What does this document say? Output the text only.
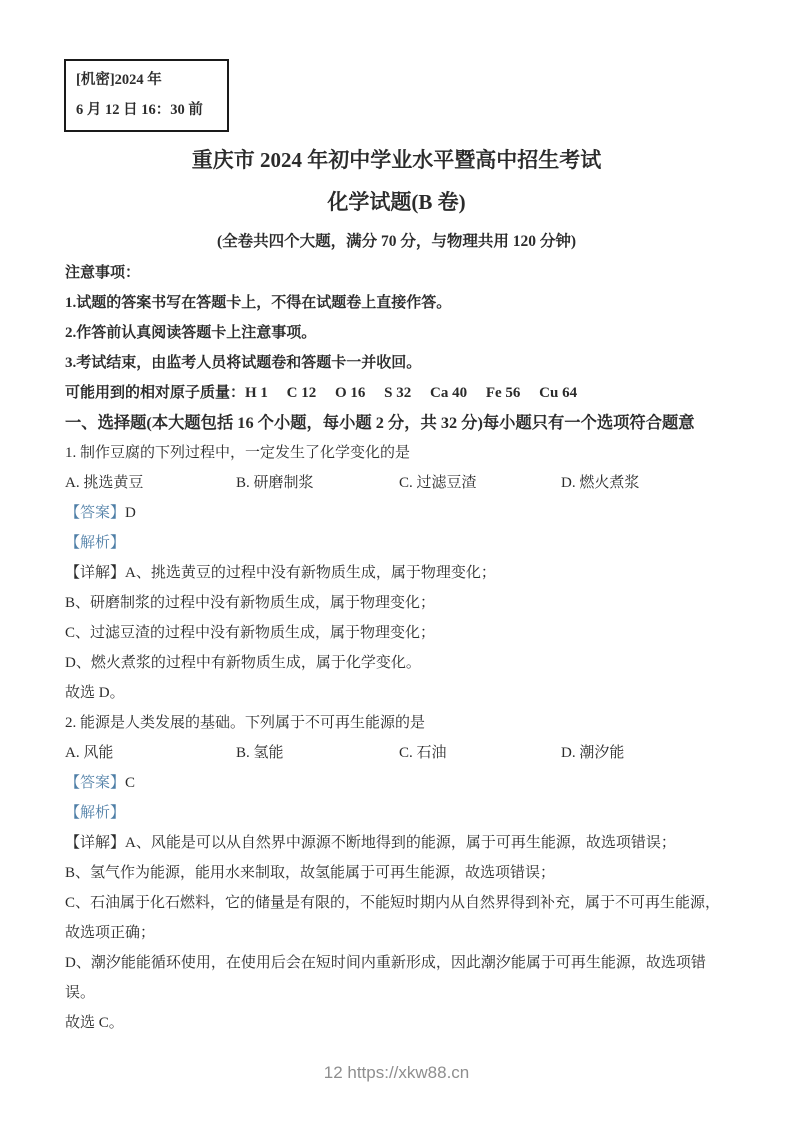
[机密]2024 年
6 月 12 日 16：30 前
重庆市 2024 年初中学业水平暨高中招生考试
化学试题(B 卷)
(全卷共四个大题，满分 70 分，与物理共用 120 分钟)
注意事项：
1.试题的答案书写在答题卡上，不得在试题卷上直接作答。
2.作答前认真阅读答题卡上注意事项。
3.考试结束，由监考人员将试题卷和答题卡一并收回。
可能用到的相对原子质量：H 1     C 12     O 16     S 32     Ca 40     Fe 56     Cu 64
一、选择题(本大题包括 16 个小题，每小题 2 分，共 32 分)每小题只有一个选项符合题意
1. 制作豆腐的下列过程中，一定发生了化学变化的是
A. 挑选黄豆	B. 研磨制浆	C. 过滤豆渣	D. 燃火煮浆
【答案】D
【解析】
【详解】A、挑选黄豆的过程中没有新物质生成，属于物理变化；
B、研磨制浆的过程中没有新物质生成，属于物理变化；
C、过滤豆渣的过程中没有新物质生成，属于物理变化；
D、燃火煮浆的过程中有新物质生成，属于化学变化。
故选 D。
2. 能源是人类发展的基础。下列属于不可再生能源的是
A. 风能	B. 氢能	C. 石油	D. 潮汐能
【答案】C
【解析】
【详解】A、风能是可以从自然界中源源不断地得到的能源，属于可再生能源，故选项错误；
B、氢气作为能源，能用水来制取，故氢能属于可再生能源，故选项错误；
C、石油属于化石燃料，它的储量是有限的，不能短时期内从自然界得到补充，属于不可再生能源，故选项正确；
D、潮汐能能循环使用，在使用后会在短时间内重新形成，因此潮汐能属于可再生能源，故选项错误。
故选 C。
12 https://xkw88.cn
